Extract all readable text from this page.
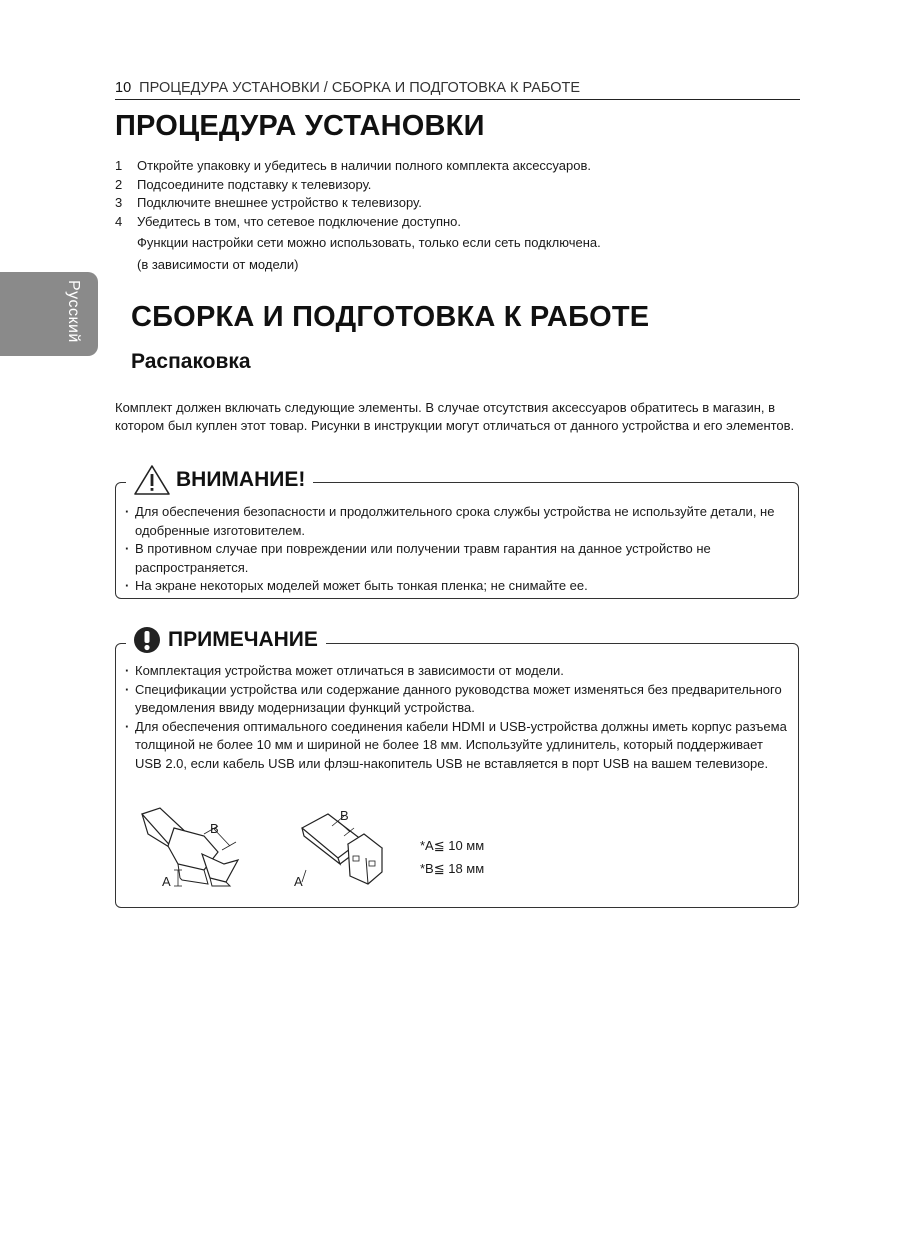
10 ПРОЦЕДУРА УСТАНОВКИ / СБОРКА И ПОДГОТОВКА К РАБОТЕ
ПРОЦЕДУРА УСТАНОВКИ
1	Откройте упаковку и убедитесь в наличии полного комплекта аксессуаров.
2	Подсоедините подставку к телевизору.
3	Подключите внешнее устройство к телевизору.
4	Убедитесь в том, что сетевое подключение доступно.
Функции настройки сети можно использовать, только если сеть подключена.
(в зависимости от модели)
Русский СБОРКА И ПОДГОТОВКА К РАБОТЕ
Распаковка
Комплект должен включать следующие элементы. В случае отсутствия аксессуаров обратитесь в магазин, в котором был куплен этот товар. Рисунки в инструкции могут отличаться от данного устройства и его элементов.
ВНИМАНИЕ!
· Для обеспечения безопасности и продолжительного срока службы устройства не используйте детали, не одобренные изготовителем.
· В противном случае при повреждении или получении травм гарантия на данное устройство не распространяется.
· На экране некоторых моделей может быть тонкая пленка; не снимайте ее.
ПРИМЕЧАНИЕ
· Комплектация устройства может отличаться в зависимости от модели.
· Спецификации устройства или содержание данного руководства может изменяться без предварительного уведомления ввиду модернизации функций устройства.
· Для обеспечения оптимального соединения кабели HDMI и USB-устройства должны иметь корпус разъема толщиной не более 10 мм и шириной не более 18 мм. Используйте удлинитель, который поддерживает USB 2.0, если кабель USB или флэш-накопитель USB не вставляется в порт USB на вашем телевизоре.
B
A
B
A
*A≦ 10 мм
*B≦ 18 мм
